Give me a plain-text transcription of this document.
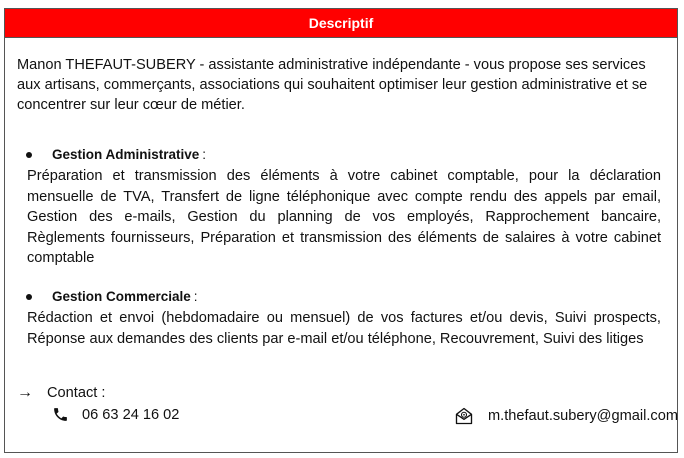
Descriptif

Manon THEFAUT-SUBERY - assistante administrative indépendante - vous propose ses services aux artisans, commerçants, associations qui souhaitent optimiser leur gestion administrative et se concentrer sur leur cœur de métier.

Gestion Administrative :

Préparation et transmission des éléments à votre cabinet comptable, pour la déclaration mensuelle de TVA, Transfert de ligne téléphonique avec compte rendu des appels par email, Gestion des e-mails, Gestion du planning de vos employés, Rapprochement bancaire, Règlements fournisseurs, Préparation et transmission des éléments de salaires à votre cabinet comptable

Gestion Commerciale :

Rédaction et envoi (hebdomadaire ou mensuel) de vos factures et/ou devis, Suivi prospects, Réponse aux demandes des clients par e-mail et/ou téléphone, Recouvrement, Suivi des litiges

→ Contact :
06 63 24 16 02	m.thefaut.subery@gmail.com
